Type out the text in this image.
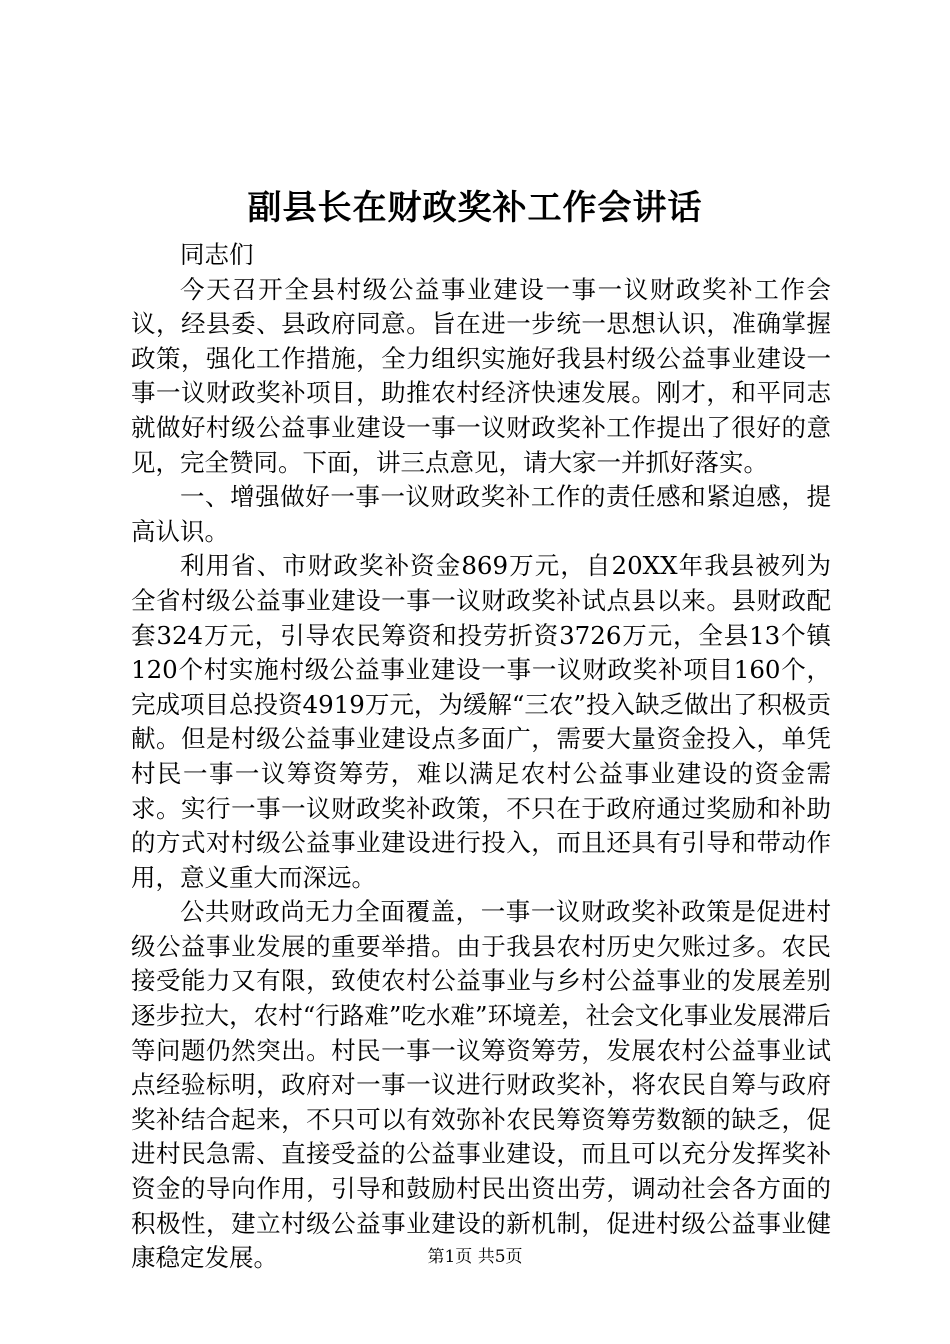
副县长在财政奖补工作会讲话

同志们

今天召开全县村级公益事业建设一事一议财政奖补工作会议，经县委、县政府同意。旨在进一步统一思想认识，准确掌握政策，强化工作措施，全力组织实施好我县村级公益事业建设一事一议财政奖补项目，助推农村经济快速发展。刚才，和平同志就做好村级公益事业建设一事一议财政奖补工作提出了很好的意见，完全赞同。下面，讲三点意见，请大家一并抓好落实。

一、增强做好一事一议财政奖补工作的责任感和紧迫感，提高认识。

利用省、市财政奖补资金869万元，自20XX年我县被列为全省村级公益事业建设一事一议财政奖补试点县以来。县财政配套324万元，引导农民筹资和投劳折资3726万元，全县13个镇120个村实施村级公益事业建设一事一议财政奖补项目160个，完成项目总投资4919万元，为缓解“三农”投入缺乏做出了积极贡献。但是村级公益事业建设点多面广，需要大量资金投入，单凭村民一事一议筹资筹劳，难以满足农村公益事业建设的资金需求。实行一事一议财政奖补政策，不只在于政府通过奖励和补助的方式对村级公益事业建设进行投入，而且还具有引导和带动作用，意义重大而深远。

公共财政尚无力全面覆盖，一事一议财政奖补政策是促进村级公益事业发展的重要举措。由于我县农村历史欠账过多。农民接受能力又有限，致使农村公益事业与乡村公益事业的发展差别逐步拉大，农村“行路难”吃水难”环境差，社会文化事业发展滞后等问题仍然突出。村民一事一议筹资筹劳，发展农村公益事业试点经验标明，政府对一事一议进行财政奖补，将农民自筹与政府奖补结合起来，不只可以有效弥补农民筹资筹劳数额的缺乏，促进村民急需、直接受益的公益事业建设，而且可以充分发挥奖补资金的导向作用，引导和鼓励村民出资出劳，调动社会各方面的积极性，建立村级公益事业建设的新机制，促进村级公益事业健康稳定发展。	第1页 共5页
